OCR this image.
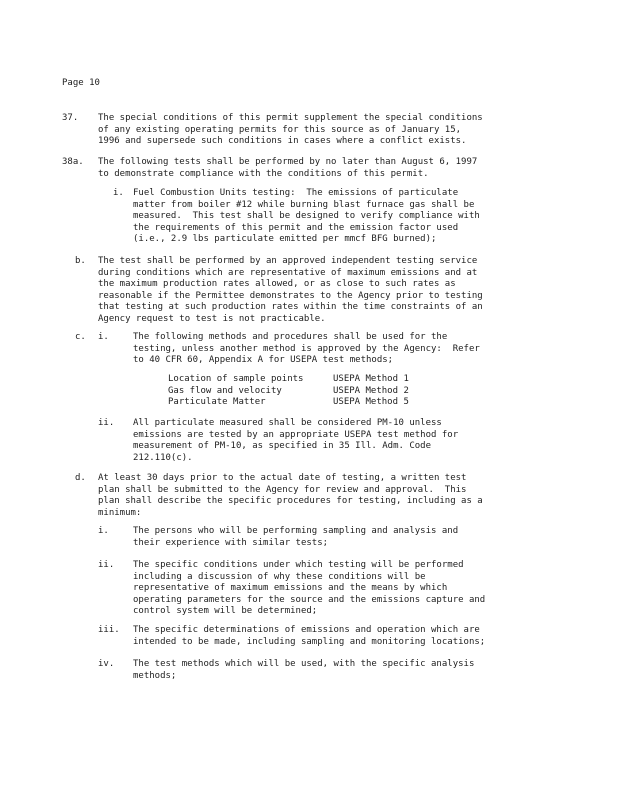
Page 10
37. The special conditions of this permit supplement the special conditions
of any existing operating permits for this source as of January 15,
1996 and supersede such conditions in cases where a conflict exists.
38a. The following tests shall be performed by no later than August 6, 1997
to demonstrate compliance with the conditions of this permit.
i. Fuel Combustion Units testing:  The emissions of particulate
matter from boiler #12 while burning blast furnace gas shall be
measured.  This test shall be designed to verify compliance with
the requirements of this permit and the emission factor used
(i.e., 2.9 lbs particulate emitted per mmcf BFG burned);
b. The test shall be performed by an approved independent testing service
during conditions which are representative of maximum emissions and at
the maximum production rates allowed, or as close to such rates as
reasonable if the Permittee demonstrates to the Agency prior to testing
that testing at such production rates within the time constraints of an
Agency request to test is not practicable.
c. i.	The following methods and procedures shall be used for the
testing, unless another method is approved by the Agency:  Refer
to 40 CFR 60, Appendix A for USEPA test methods;
Location of sample points	USEPA Method 1
Gas flow and velocity	USEPA Method 2
Particulate Matter	USEPA Method 5
ii. All particulate measured shall be considered PM-10 unless
emissions are tested by an appropriate USEPA test method for
measurement of PM-10, as specified in 35 Ill. Adm. Code
212.110(c).
d. At least 30 days prior to the actual date of testing, a written test
plan shall be submitted to the Agency for review and approval.  This
plan shall describe the specific procedures for testing, including as a
minimum:
i.	The persons who will be performing sampling and analysis and
their experience with similar tests;
ii. The specific conditions under which testing will be performed
including a discussion of why these conditions will be
representative of maximum emissions and the means by which
operating parameters for the source and the emissions capture and
control system will be determined;
iii. The specific determinations of emissions and operation which are
intended to be made, including sampling and monitoring locations;
iv. The test methods which will be used, with the specific analysis
methods;
